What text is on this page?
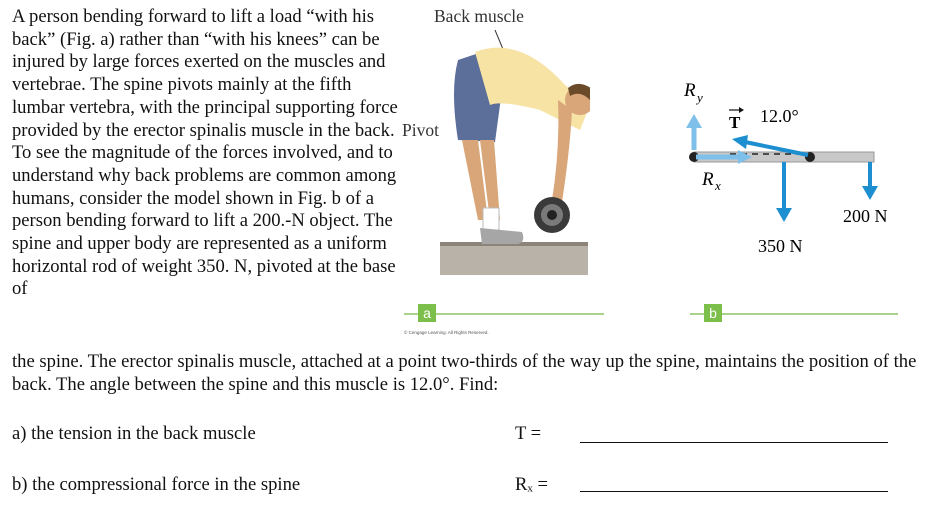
A person bending forward to lift a load “with his back” (Fig. a) rather than “with his knees” can be injured by large forces exerted on the muscles and vertebrae. The spine pivots mainly at the fifth lumbar vertebra, with the principal supporting force provided by the erector spinalis muscle in the back. To see the magnitude of the forces involved, and to understand why back problems are common among humans, consider the model shown in Fig. b of a person bending forward to lift a 200.-N object. The spine and upper body are represented as a uniform horizontal rod of weight 350. N, pivoted at the base of
the spine. The erector spinalis muscle, attached at a point two-thirds of the way up the spine, maintains the position of the back. The angle between the spine and this muscle is 12.0°. Find:
Back muscle
Pivot
© Cengage Learning. All Rights Reserved.
a
R y
R x
T 12.0°
350 N
200 N
b
a) the tension in the back muscle	T =
b) the compressional force in the spine	Rₓ =
